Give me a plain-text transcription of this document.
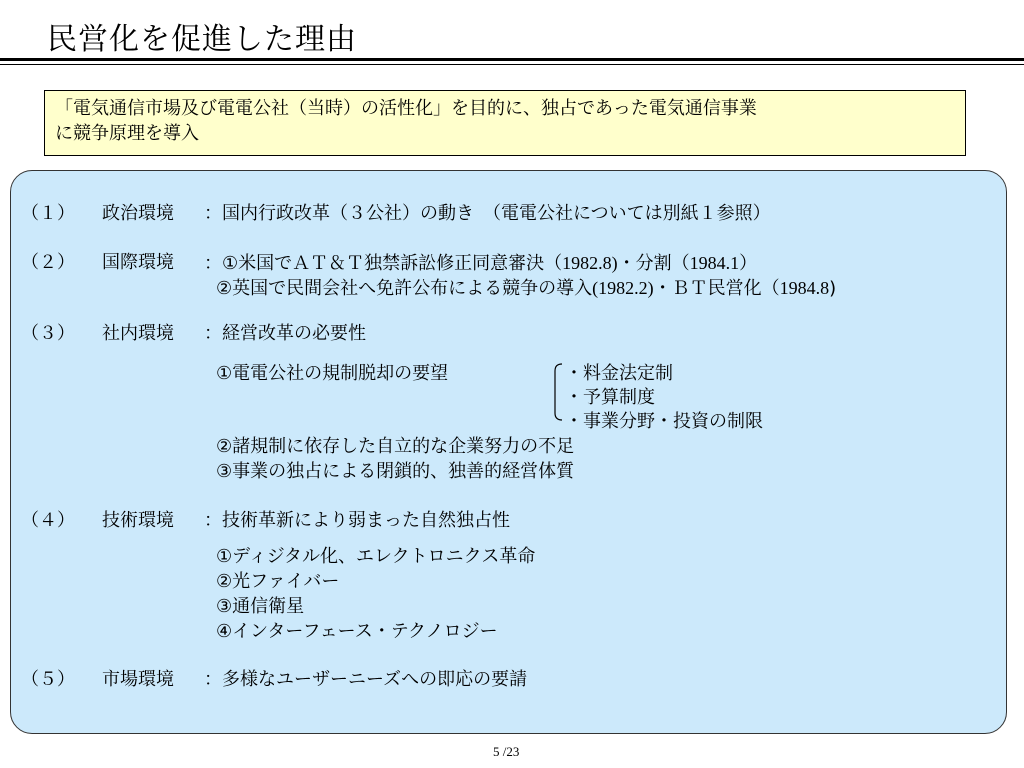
民営化を促進した理由
「電気通信市場及び電電公社（当時）の活性化」を目的に、独占であった電気通信事業
に競争原理を導入
（１） 政治環境 ：国内行政改革（３公社）の動き　（電電公社については別紙１参照）
（２） 国際環境 ：①米国でＡＴ＆Ｔ独禁訴訟修正同意審決（1982.8)・分割（1984.1）
②英国で民間会社へ免許公布による競争の導入(1982.2)・ＢＴ民営化（1984.8)
（３） 社内環境 ：経営改革の必要性
①電電公社の規制脱却の要望	・料金法定制
・予算制度
・事業分野・投資の制限
②諸規制に依存した自立的な企業努力の不足
③事業の独占による閉鎖的、独善的経営体質
（４） 技術環境 ：技術革新により弱まった自然独占性
①ディジタル化、エレクトロニクス革命
②光ファイバー
③通信衛星
④インターフェース・テクノロジー
（５） 市場環境 ：多様なユーザーニーズへの即応の要請
5 /23
